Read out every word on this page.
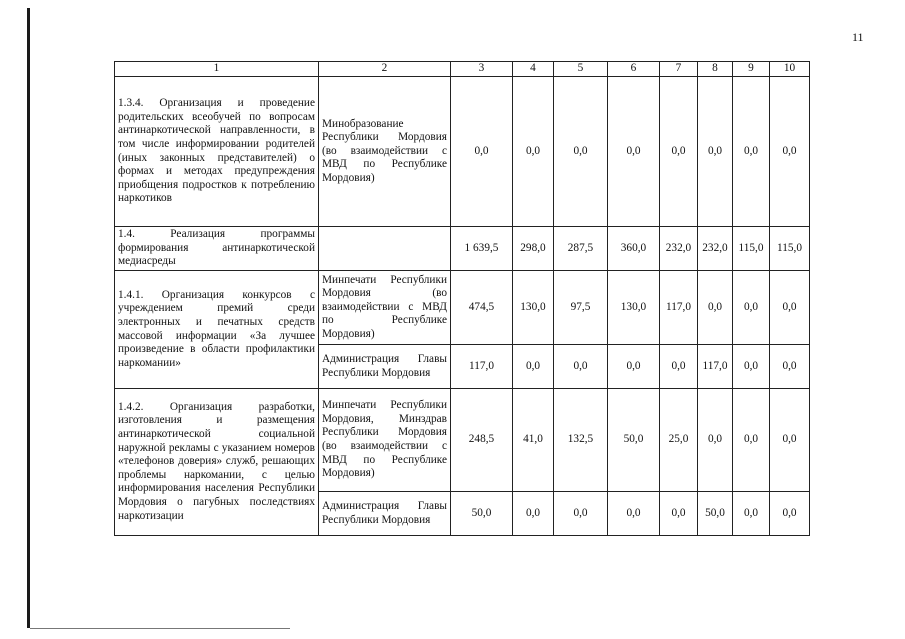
11
1	2	3	4	5	6	7	8	9	10
1.3.4. Организация и проведение родительских всеобучей по вопросам антинаркотической направленности, в том числе информировании родителей (иных законных представителей) о формах и методах предупреждения приобщения подростков к потреблению наркотиков	Минобразование Республики Мордовия (во взаимодействии с МВД по Республике Мордовия)	0,0	0,0	0,0	0,0	0,0	0,0	0,0	0,0
1.4. Реализация программы формирования антинаркотической медиасреды		1 639,5	298,0	287,5	360,0	232,0	232,0	115,0	115,0
1.4.1. Организация конкурсов с учреждением премий среди электронных и печатных средств массовой информации «За лучшее произведение в области профилактики наркомании»	Минпечати Республики Мордовия (во взаимодействии с МВД по Республике Мордовия)	474,5	130,0	97,5	130,0	117,0	0,0	0,0	0,0
	Администрация Главы Республики Мордовия	117,0	0,0	0,0	0,0	0,0	117,0	0,0	0,0
1.4.2. Организация разработки, изготовления и размещения антинаркотической социальной наружной рекламы с указанием номеров «телефонов доверия» служб, решающих проблемы наркомании, с целью информирования населения Республики Мордовия о пагубных последствиях наркотизации	Минпечати Республики Мордовия, Минздрав Республики Мордовия (во взаимодействии с МВД по Республике Мордовия)	248,5	41,0	132,5	50,0	25,0	0,0	0,0	0,0
	Администрация Главы Республики Мордовия	50,0	0,0	0,0	0,0	0,0	50,0	0,0	0,0
